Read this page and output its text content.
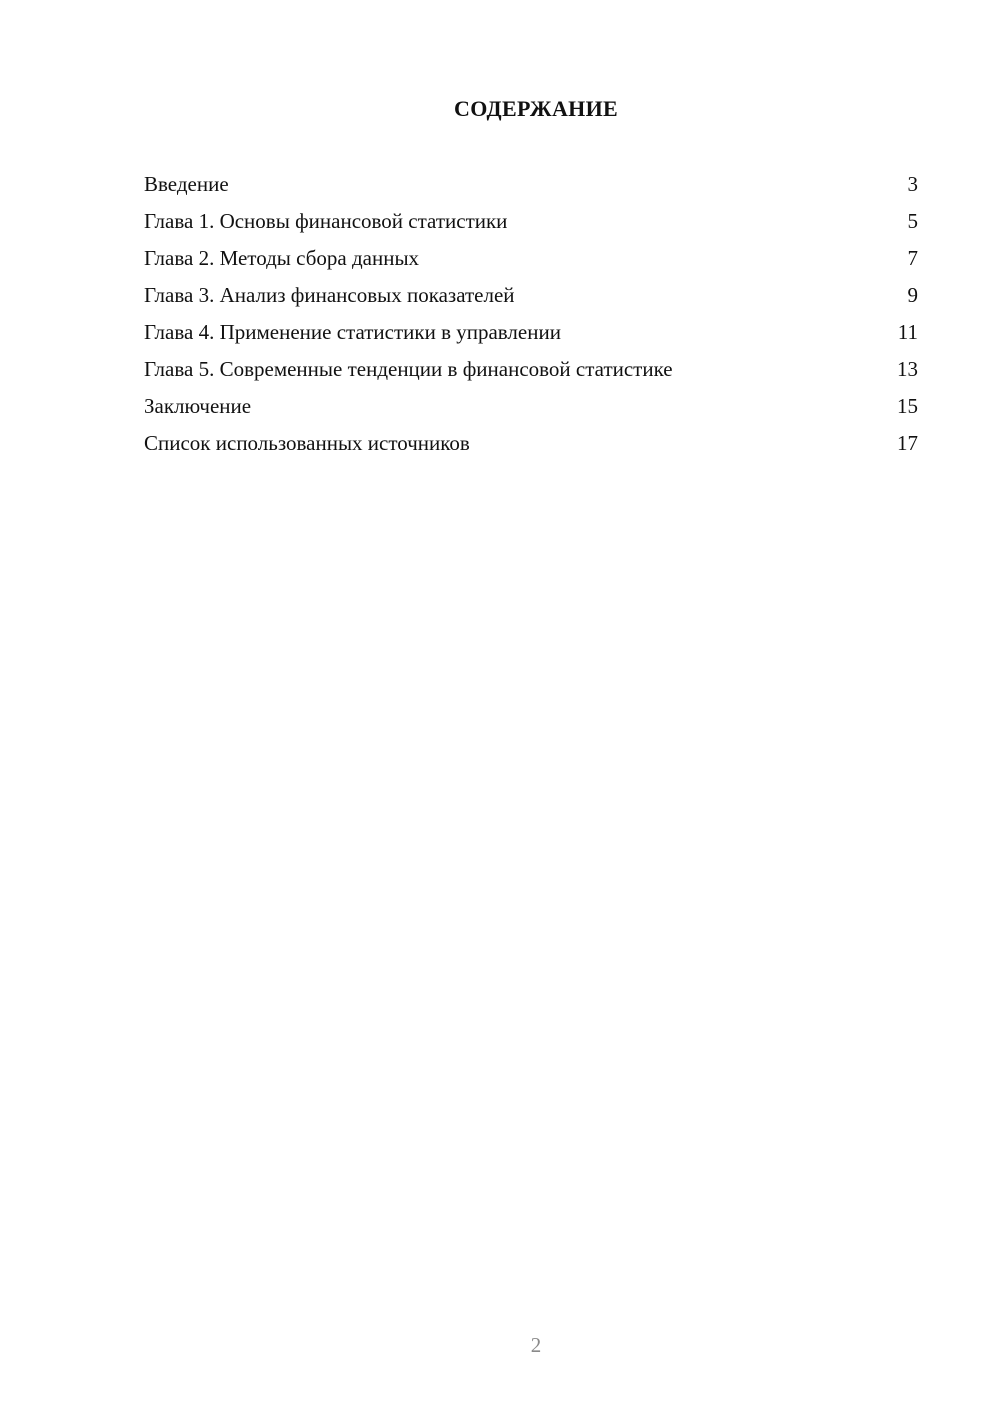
СОДЕРЖАНИЕ
Введение	3
Глава 1. Основы финансовой статистики	5
Глава 2. Методы сбора данных	7
Глава 3. Анализ финансовых показателей	9
Глава 4. Применение статистики в управлении	11
Глава 5. Современные тенденции в финансовой статистике	13
Заключение	15
Список использованных источников	17
2
